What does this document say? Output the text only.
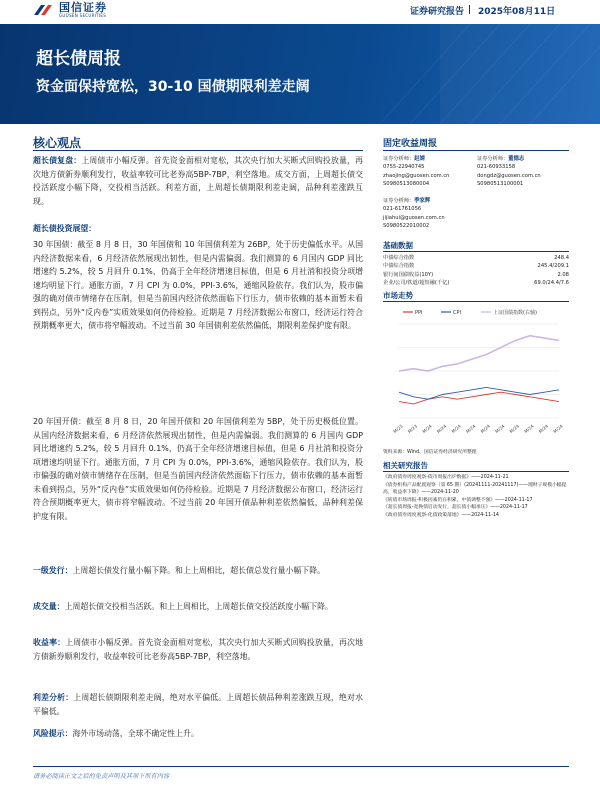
国信证券
GUOSEN SECURITIES	证券研究报告 2025年08月11日
超长债周报
资金面保持宽松，30-10 国债期限利差走阔
核心观点
超长债复盘：上周债市小幅反弹。首先资金面相对宽松，其次央行加大买断式回购投放量，再次地方债新券顺利发行，收益率较可比老券高5BP-7BP，利空落地。成交方面，上周超长债交投活跃度小幅下降，交投相当活跃。利差方面，上周超长债期限利差走阔，品种利差涨跌互现。
超长债投资展望：
30 年国债：截至 8 月 8 日，30 年国债和 10 年国债利差为 26BP，处于历史偏低水平。从国内经济数据来看，6 月经济依然展现出韧性，但是内需偏弱。我们测算的 6 月国内 GDP 同比增速约 5.2%，较 5 月回升 0.1%，仍高于全年经济增速目标值，但是 6 月社消和投资分项增速均明显下行。通胀方面，7 月 CPI 为 0.0%，PPI-3.6%，通缩风险依存。我们认为，股市偏强的确对债市情绪存在压制，但是当前国内经济依然面临下行压力，债市依赖的基本面暂未看到拐点，另外“反内卷”实质效果如何仍待检验。近期是 7 月经济数据公布窗口，经济运行符合预期概率更大，债市将窄幅波动。不过当前 30 年国债利差依然偏低，期限利差保护度有限。
20 年国开债：截至 8 月 8 日，20 年国开债和 20 年国债利差为 5BP，处于历史极低位置。从国内经济数据来看，6 月经济依然展现出韧性，但是内需偏弱。我们测算的 6 月国内 GDP 同比增速约 5.2%，较 5 月回升 0.1%，仍高于全年经济增速目标值，但是 6 月社消和投资分项增速均明显下行。通胀方面，7 月 CPI 为 0.0%，PPI-3.6%，通缩风险依存。我们认为，股市偏强的确对债市情绪存在压制，但是当前国内经济依然面临下行压力，债市依赖的基本面暂未看到拐点，另外“反内卷”实质效果如何仍待检验。近期是 7 月经济数据公布窗口，经济运行符合预期概率更大，债市将窄幅波动。不过当前 20 年国开债品种利差依然偏低，品种利差保护度有限。
一级发行：上周超长债发行量小幅下降。和上上周相比，超长债总发行量小幅下降。
成交量：上周超长债交投相当活跃。和上上周相比，上周超长债交投活跃度小幅下降。
收益率：上周债市小幅反弹。首先资金面相对宽松，其次央行加大买断式回购投放量，再次地方债新券顺利发行，收益率较可比老券高5BP-7BP，利空落地。
利差分析：上周超长债期限利差走阔，绝对水平偏低。上周超长债品种利差涨跌互现，绝对水平偏低。
风险提示：海外市场动荡，全球不确定性上升。
固定收益周报
证券分析师：赵婧
0755-22940745
zhaojing@guosen.com.cn
S0980513080004
证券分析师：董德志
021-60933158
dongdz@guosen.com.cn
S0980513100001
证券分析师：季家辉
021-61761056
jijiahui@guosen.com.cn
S0980522010002
基础数据
中债综合指数	248.4
中债综合指数	245.4/209.1
银行间国债收益(10Y)	2.08
企业/公司/铁道/超短融(千亿)	69.0/24.4/7.6
市场走势
PPI	CPI	上证国债指数(右轴)
M/23 M/23 M/24 M/24 M/24 M/24 M/24 M/24 M/24 M/24 M/24 M/24
资料来源：Wind、国信证券经济研究所整理
相关研究报告
《政府债券周度观察-债市周报出炉数据》——2024-11-21
《债券机构产品配置观察（第 65 期）(20241111-20241117)——理财子规模小幅提高，收益率下降》——2024-11-20
《转债市场周报-积极因素仍在积累，中债调整不强》——2024-11-17
《超长债周报-宽换债启动发行，超长债小幅承压》——2024-11-17
《政府债券周度观察-化债政策落地》——2024-11-14
请务必阅读正文之后的免责声明及其项下所有内容
